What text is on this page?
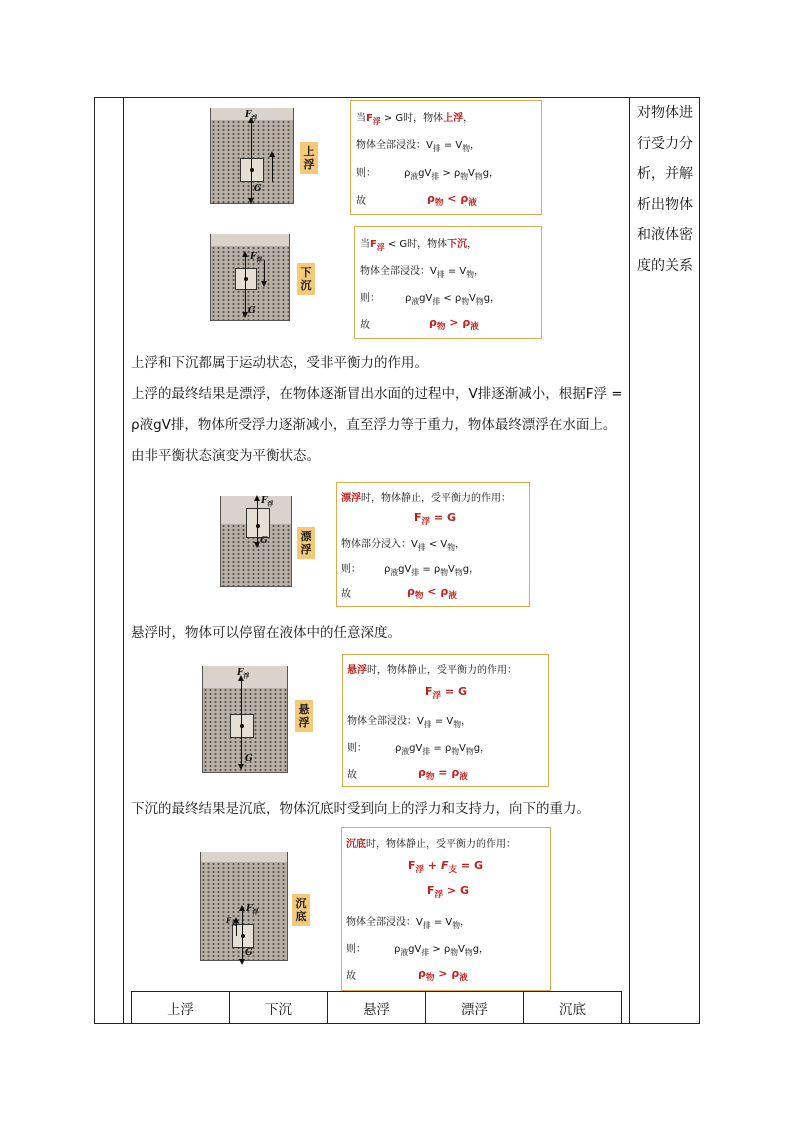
对物体进
行受力分
析，并解
析出物体
和液体密
度的关系
$F_浮$
G
上浮
当$F_浮 > G$时，物体上浮，
物体全部浸没：$V_排 = V_物$，
则：	$\rho_液gV_排 > \rho_物V_物g$，
故	$\rho_物 < \rho_液$
$F_浮$
G
下沉
当$F_浮 < G$时，物体下沉，
物体全部浸没：$V_排 = V_物$，
则：	$\rho_液gV_排 < \rho_物V_物g$，
故	$\rho_物 > \rho_液$
上浮和下沉都属于运动状态，受非平衡力的作用。
上浮的最终结果是漂浮，在物体逐渐冒出水面的过程中，V排逐渐减小，根据F浮 =
ρ液gV排，物体所受浮力逐渐减小，直至浮力等于重力，物体最终漂浮在水面上。
由非平衡状态演变为平衡状态。
$F_浮$
G	漂浮
漂浮时，物体静止，受平衡力的作用：
$F_浮 = G$
物体部分浸入：$V_排 < V_物$，
则： $\rho_液gV_排 = \rho_物V_物g$，
故	$\rho_物 < \rho_液$
悬浮时，物体可以停留在液体中的任意深度。
$F_浮$
G
悬浮
悬浮时，物体静止，受平衡力的作用：
$F_浮 = G$
物体全部浸没：$V_排 = V_物$，
则：	$\rho_液gV_排 = \rho_物V_物g$，
故	$\rho_物 = \rho_液$
下沉的最终结果是沉底，物体沉底时受到向上的浮力和支持力，向下的重力。
$F_浮$
$F_支$
G
沉底
沉底时，物体静止，受平衡力的作用：
$F_浮 + F_支 = G$
$F_浮 > G$
物体全部浸没：$V_排 = V_物$，
则：	$\rho_液gV_排 > \rho_物V_物g$，
故	$\rho_物 > \rho_液$
上浮	下沉	悬浮	漂浮	沉底
